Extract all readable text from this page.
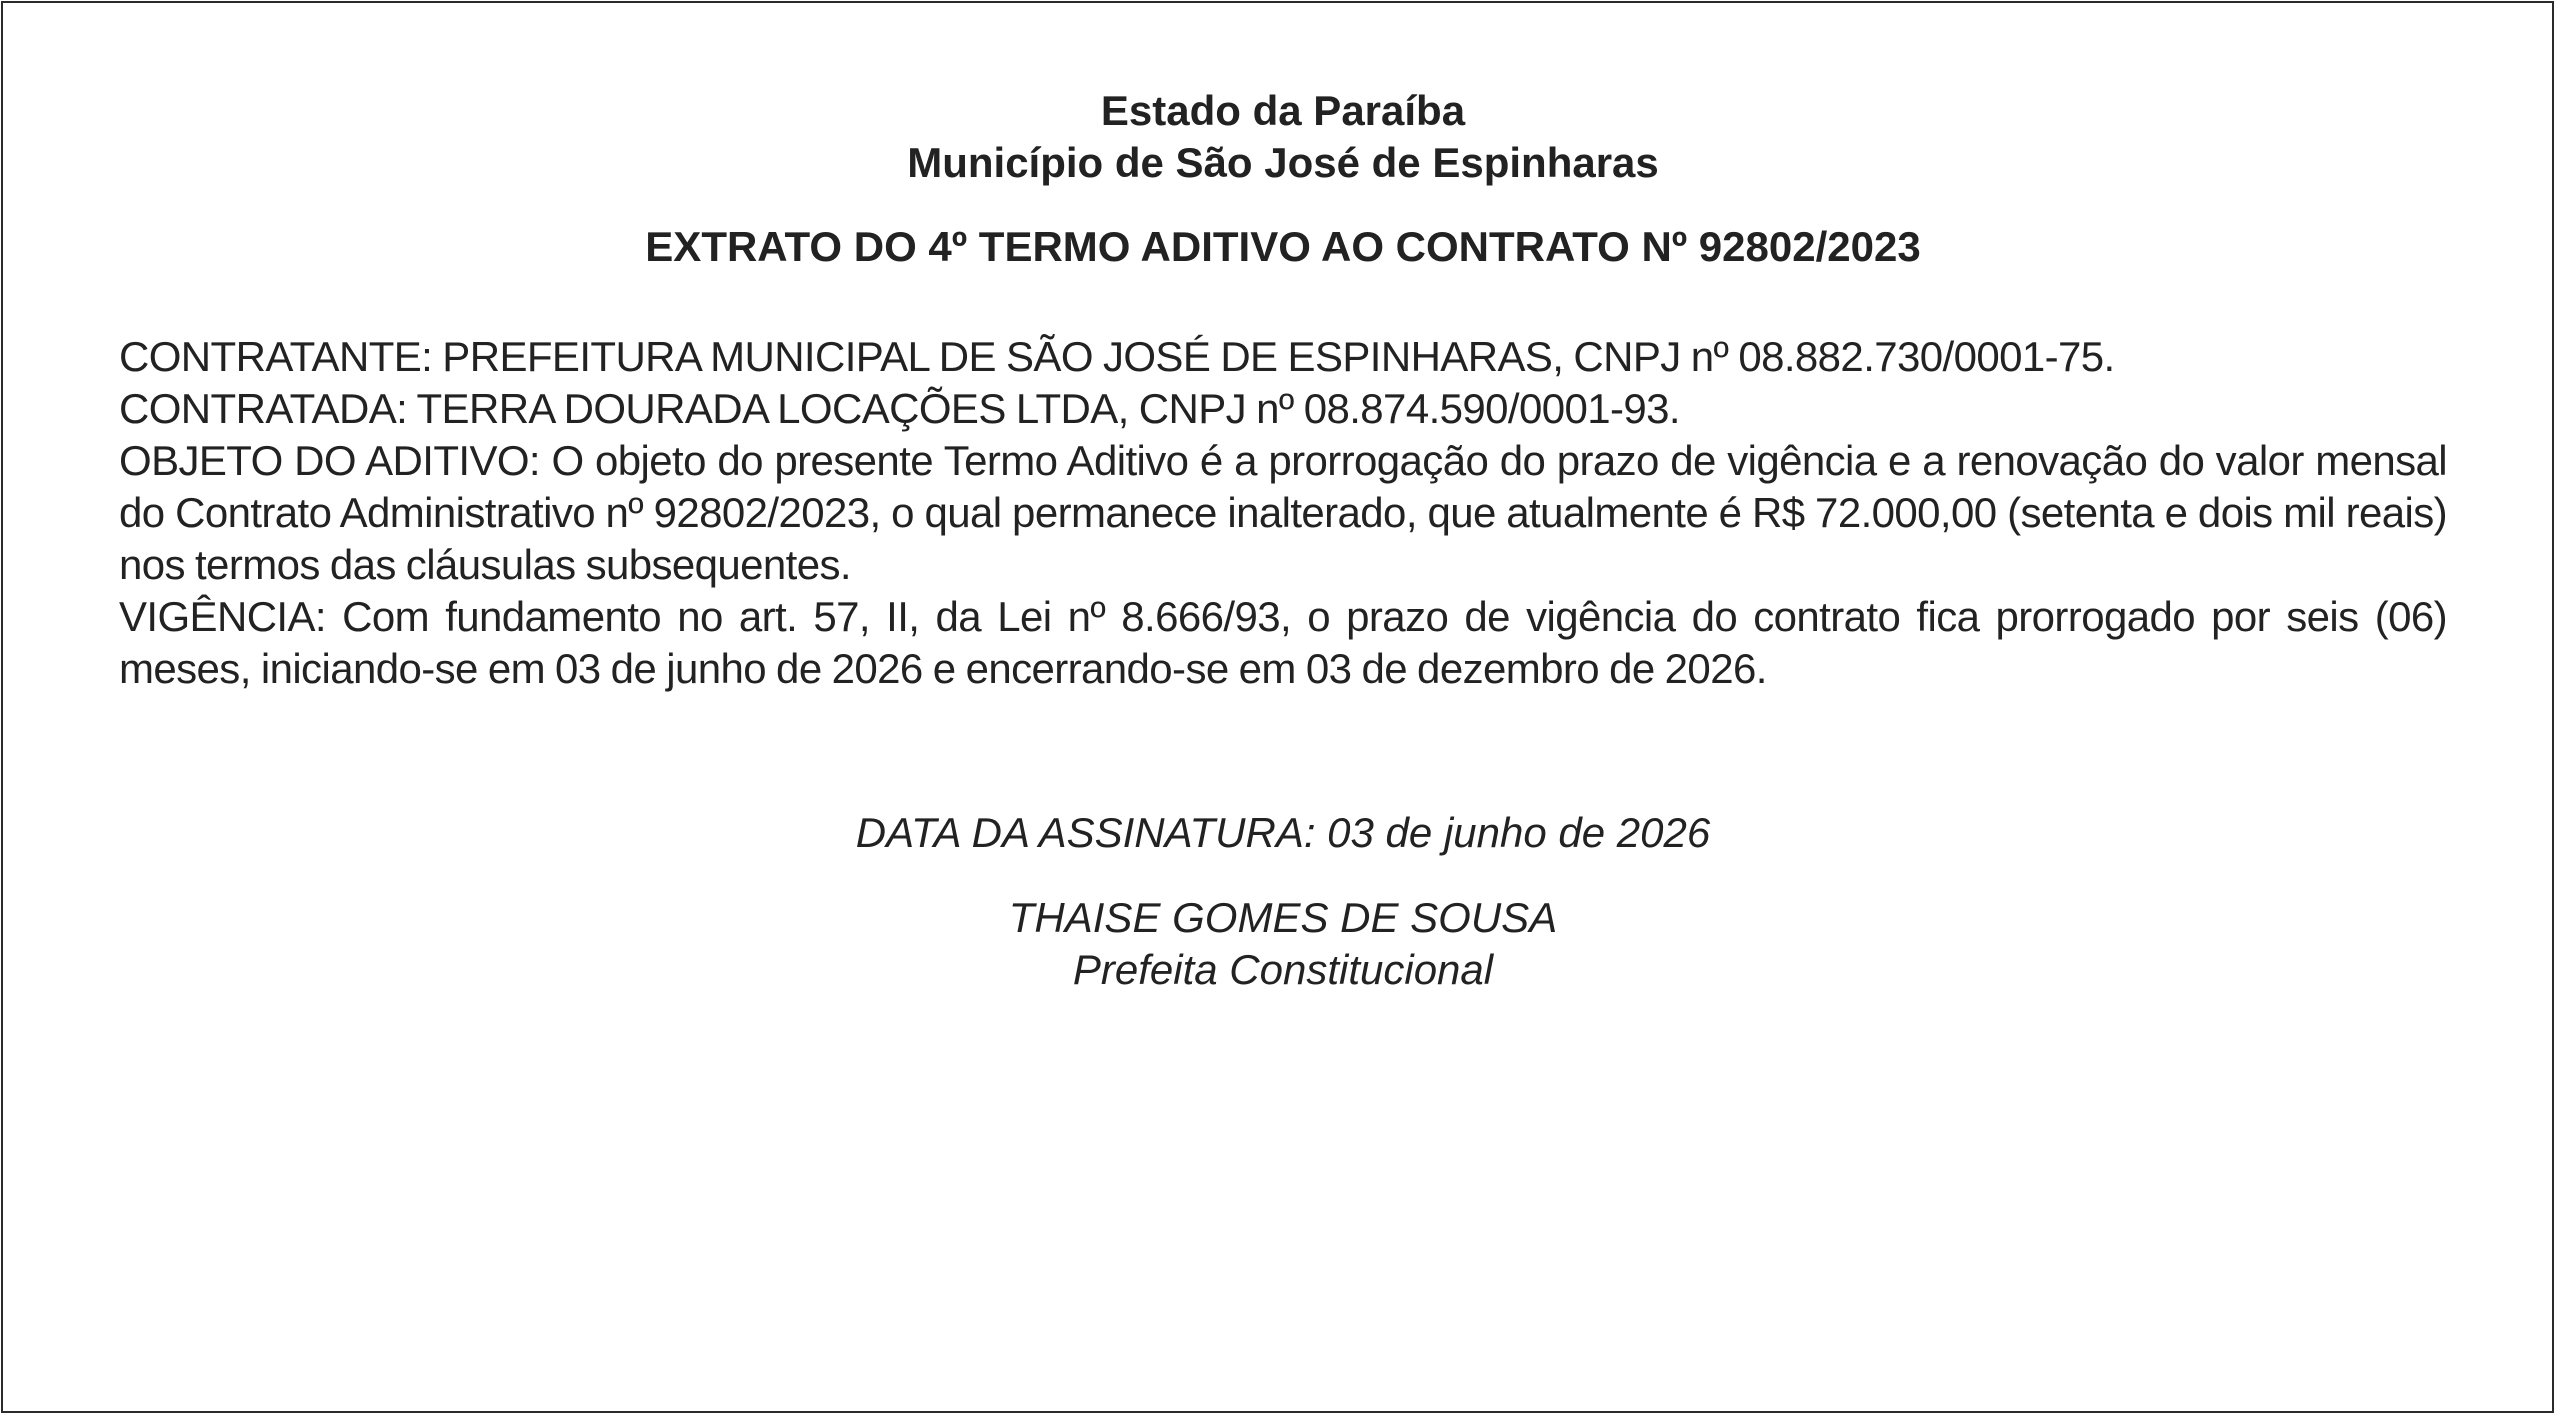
Estado da Paraíba

Município de São José de Espinharas

EXTRATO DO 4º TERMO ADITIVO AO CONTRATO Nº 92802/2023

CONTRATANTE: PREFEITURA MUNICIPAL DE SÃO JOSÉ DE ESPINHARAS, CNPJ nº 08.882.730/0001-75.

CONTRATADA: TERRA DOURADA LOCAÇÕES LTDA, CNPJ nº 08.874.590/0001-93.

OBJETO DO ADITIVO: O objeto do presente Termo Aditivo é a prorrogação do prazo de vigência e a renovação do valor mensal do Contrato Administrativo nº 92802/2023, o qual permanece inalterado, que atualmente é R$ 72.000,00 (setenta e dois mil reais) nos termos das cláusulas subsequentes.

VIGÊNCIA: Com fundamento no art. 57, II, da Lei nº 8.666/93, o prazo de vigência do contrato fica prorrogado por seis (06) meses, iniciando-se em 03 de junho de 2026 e encerrando-se em 03 de dezembro de 2026.

DATA DA ASSINATURA: 03 de junho de 2026

THAISE GOMES DE SOUSA

Prefeita Constitucional
